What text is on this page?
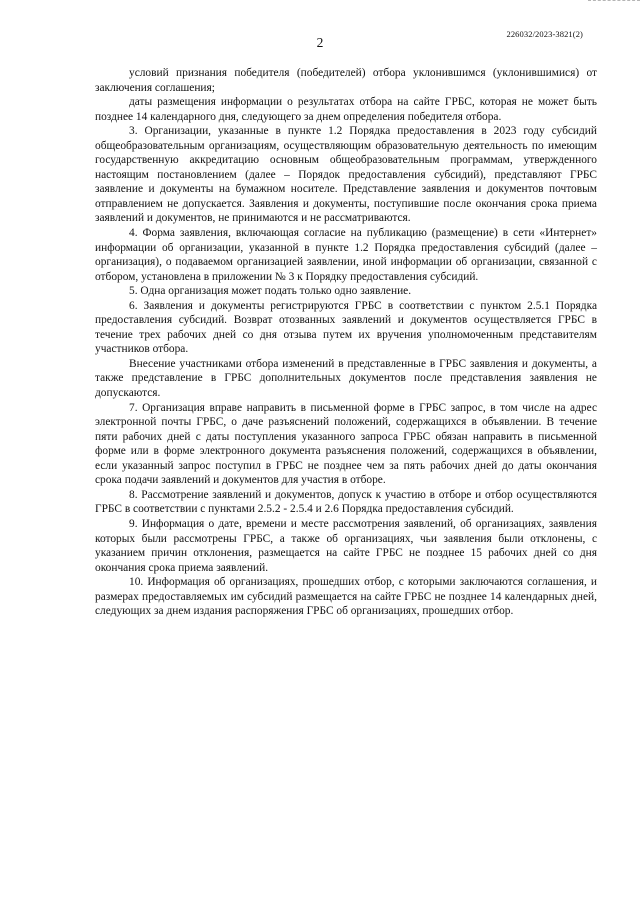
226032/2023-3821(2)
2

условий признания победителя (победителей) отбора уклонившимся (уклонившимися) от заключения соглашения;

даты размещения информации о результатах отбора на сайте ГРБС, которая не может быть позднее 14 календарного дня, следующего за днем определения победителя отбора.

3. Организации, указанные в пункте 1.2 Порядка предоставления в 2023 году субсидий общеобразовательным организациям, осуществляющим образовательную деятельность по имеющим государственную аккредитацию основным общеобразовательным программам, утвержденного настоящим постановлением (далее – Порядок предоставления субсидий), представляют ГРБС заявление и документы на бумажном носителе. Представление заявления и документов почтовым отправлением не допускается. Заявления и документы, поступившие после окончания срока приема заявлений и документов, не принимаются и не рассматриваются.

4. Форма заявления, включающая согласие на публикацию (размещение) в сети «Интернет» информации об организации, указанной в пункте 1.2 Порядка предоставления субсидий (далее – организация), о подаваемом организацией заявлении, иной информации об организации, связанной с отбором, установлена в приложении № 3 к Порядку предоставления субсидий.

5. Одна организация может подать только одно заявление.

6. Заявления и документы регистрируются ГРБС в соответствии с пунктом 2.5.1 Порядка предоставления субсидий. Возврат отозванных заявлений и документов осуществляется ГРБС в течение трех рабочих дней со дня отзыва путем их вручения уполномоченным представителям участников отбора.

Внесение участниками отбора изменений в представленные в ГРБС заявления и документы, а также представление в ГРБС дополнительных документов после представления заявления не допускаются.

7. Организация вправе направить в письменной форме в ГРБС запрос, в том числе на адрес электронной почты ГРБС, о даче разъяснений положений, содержащихся в объявлении. В течение пяти рабочих дней с даты поступления указанного запроса ГРБС обязан направить в письменной форме или в форме электронного документа разъяснения положений, содержащихся в объявлении, если указанный запрос поступил в ГРБС не позднее чем за пять рабочих дней до даты окончания срока подачи заявлений и документов для участия в отборе.

8. Рассмотрение заявлений и документов, допуск к участию в отборе и отбор осуществляются ГРБС в соответствии с пунктами 2.5.2 - 2.5.4 и 2.6 Порядка предоставления субсидий.

9. Информация о дате, времени и месте рассмотрения заявлений, об организациях, заявления которых были рассмотрены ГРБС, а также об организациях, чьи заявления были отклонены, с указанием причин отклонения, размещается на сайте ГРБС не позднее 15 рабочих дней со дня окончания срока приема заявлений.

10. Информация об организациях, прошедших отбор, с которыми заключаются соглашения, и размерах предоставляемых им субсидий размещается на сайте ГРБС не позднее 14 календарных дней, следующих за днем издания распоряжения ГРБС об организациях, прошедших отбор.
